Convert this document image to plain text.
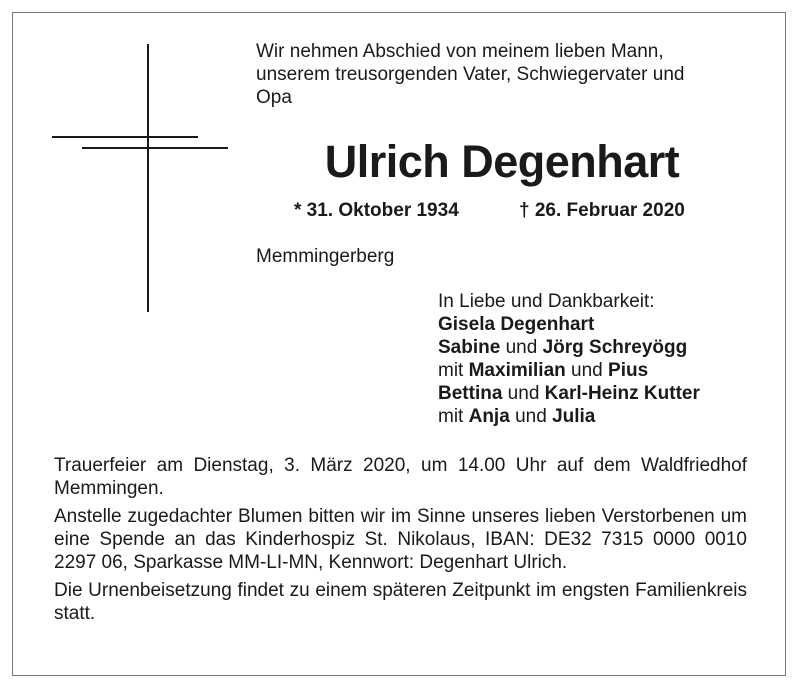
Wir nehmen Abschied von meinem lieben Mann,

unserem treusorgenden Vater, Schwiegervater und

Opa

Ulrich Degenhart
* 31. Oktober 1934	† 26. Februar 2020
Memmingerberg

In Liebe und Dankbarkeit:

Gisela Degenhart

Sabine und Jörg Schreyögg

mit Maximilian und Pius

Bettina und Karl-Heinz Kutter

mit Anja und Julia

Trauerfeier am Dienstag, 3. März 2020, um 14.00 Uhr auf dem Waldfriedhof Memmingen.

Anstelle zugedachter Blumen bitten wir im Sinne unseres lieben Verstorbenen um eine Spende an das Kinderhospiz St. Nikolaus, IBAN: DE32 7315 0000 0010 2297 06, Sparkasse MM-LI-MN, Kennwort: Degenhart Ulrich.

Die Urnenbeisetzung findet zu einem späteren Zeitpunkt im engsten Familienkreis statt.
